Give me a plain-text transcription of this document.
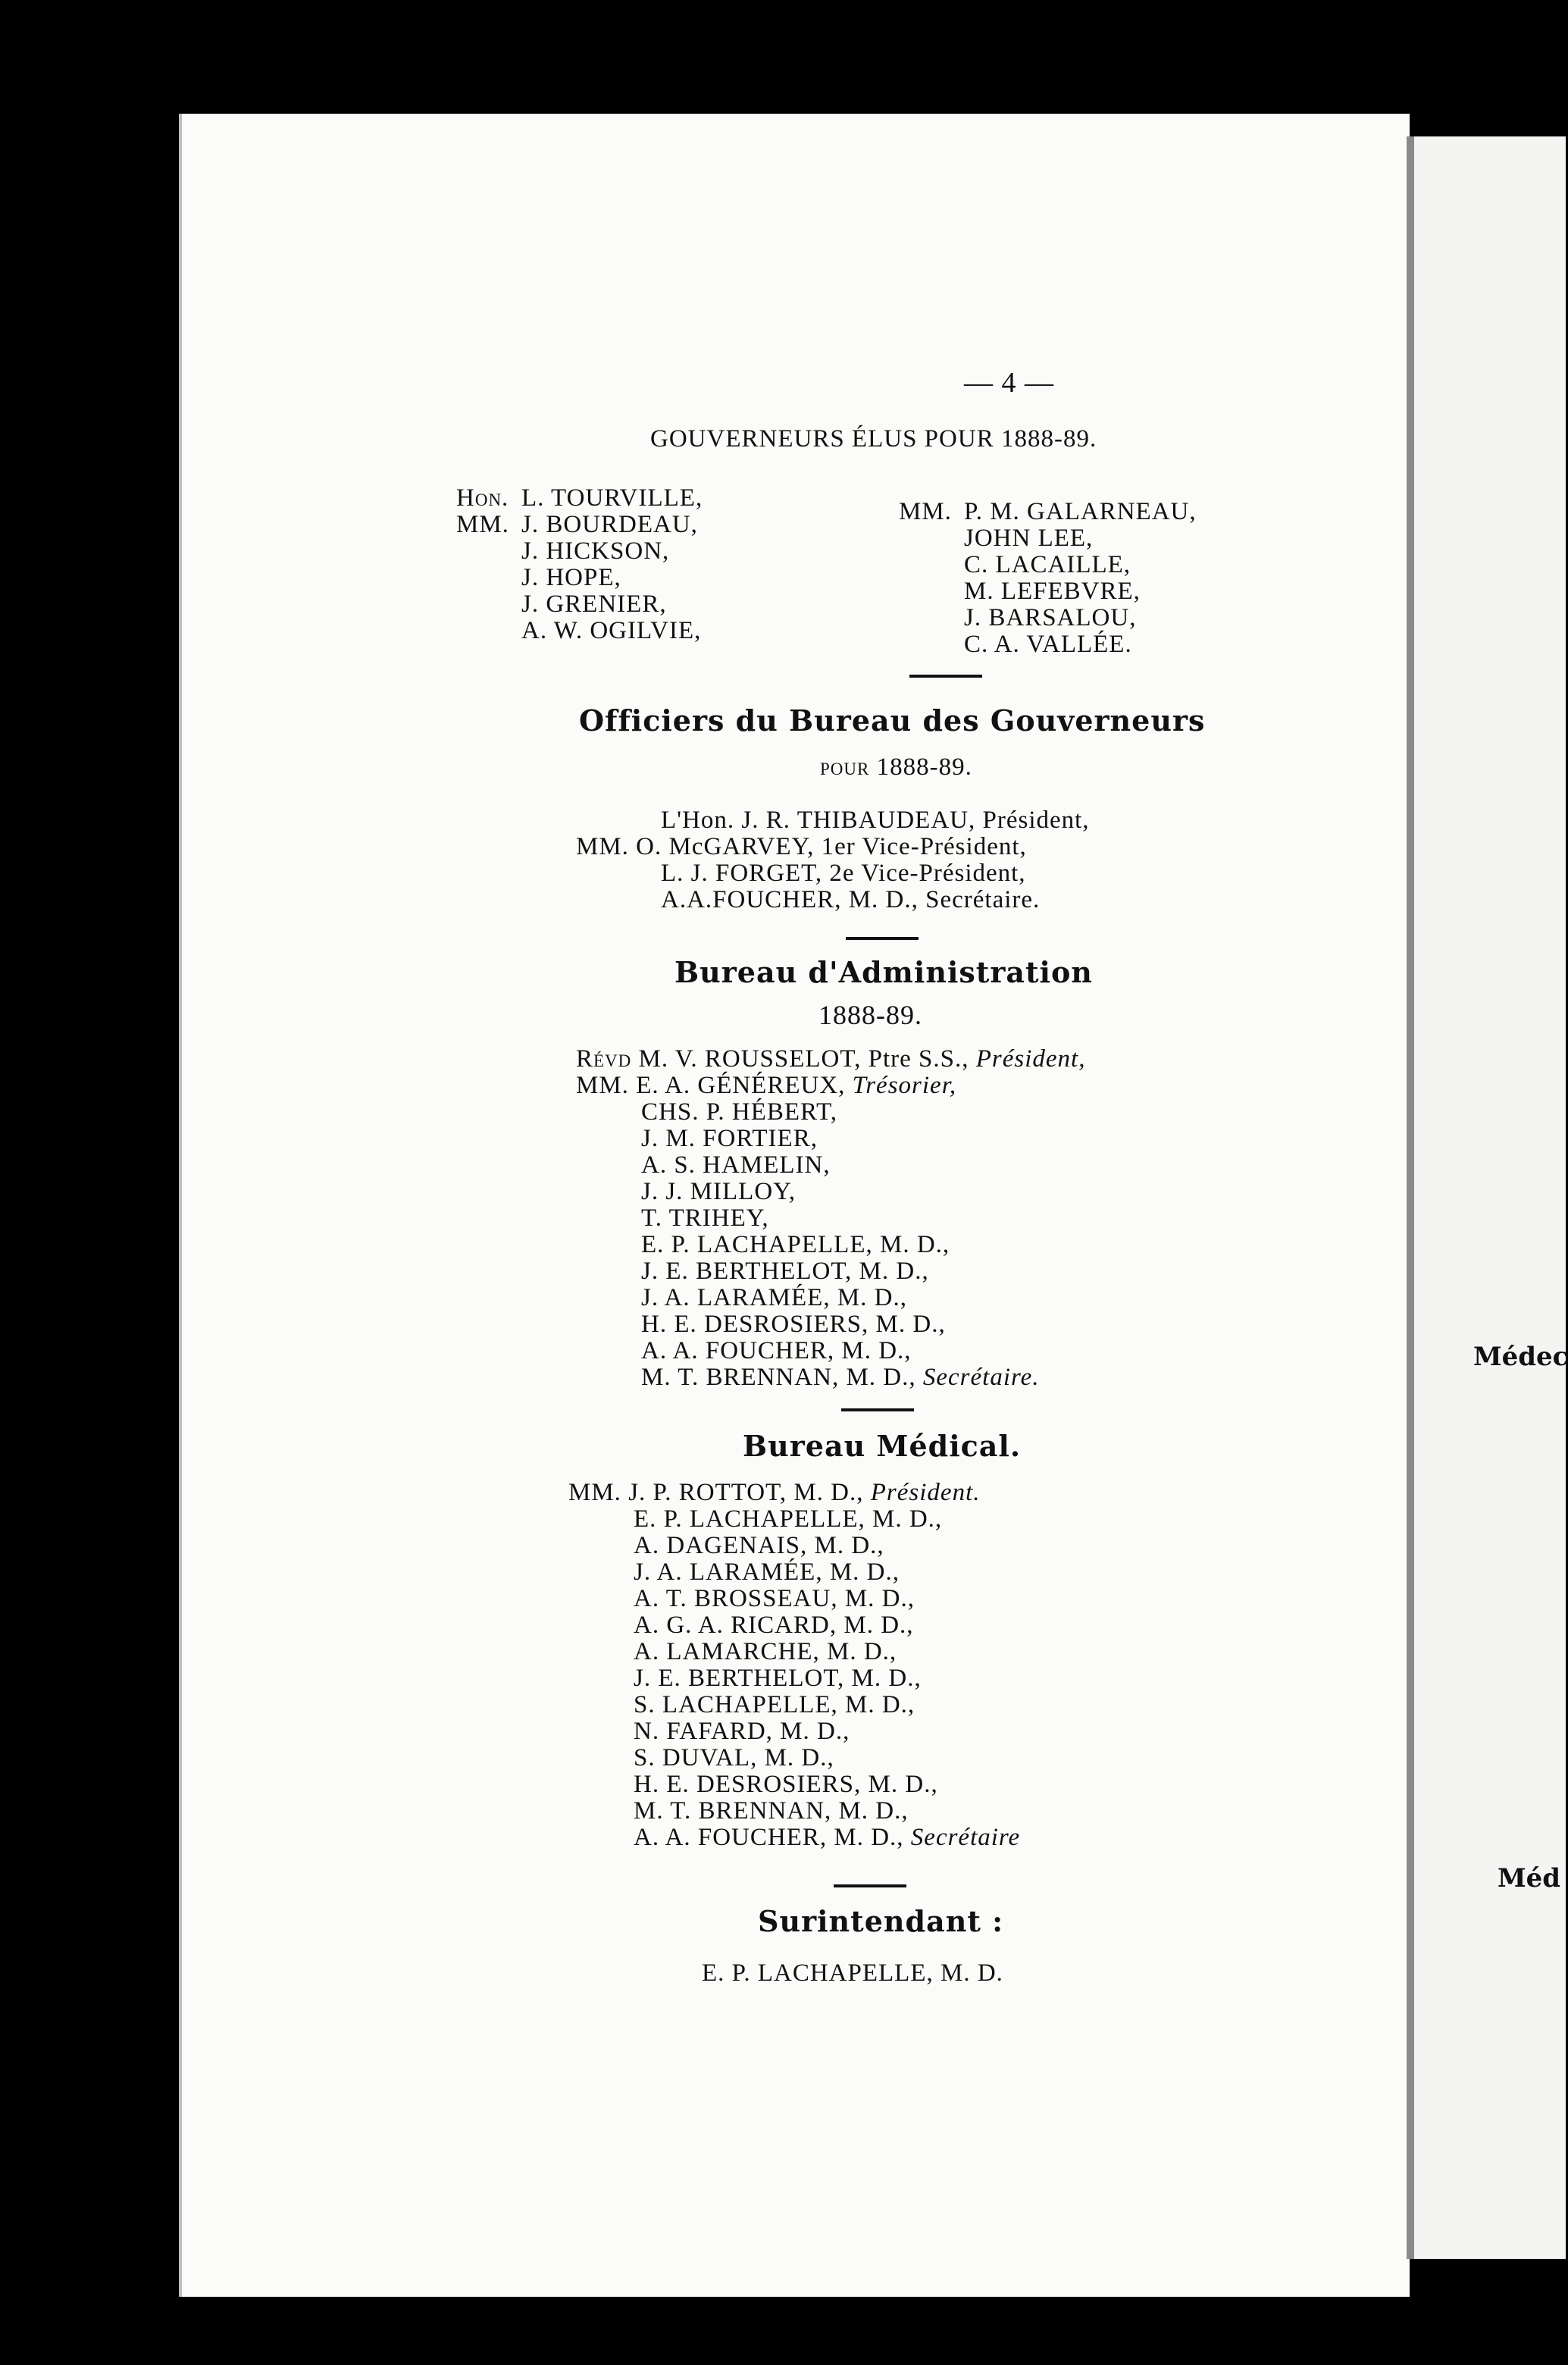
— 4 —
GOUVERNEURS ÉLUS POUR 1888-89.
Hon.
MM.
L. TOURVILLE,
J. BOURDEAU,
J. HICKSON,
J. HOPE,
J. GRENIER,
A. W. OGILVIE,
MM. P. M. GALARNEAU,
JOHN LEE,
C. LACAILLE,
M. LEFEBVRE,
J. BARSALOU,
C. A. VALLÉE.
Officiers du Bureau des Gouverneurs
pour 1888-89.
L'Hon. J. R. THIBAUDEAU, Président,
MM. O. McGARVEY, 1er Vice-Président,
L. J. FORGET, 2e Vice-Président,
A.A.FOUCHER, M. D., Secrétaire.
Bureau d'Administration
1888-89.
Révd M. V. ROUSSELOT, Ptre S.S., Président,
MM. E. A. GÉNÉREUX, Trésorier,
CHS. P. HÉBERT,
J. M. FORTIER,
A. S. HAMELIN,
J. J. MILLOY,
T. TRIHEY,
E. P. LACHAPELLE, M. D.,
J. E. BERTHELOT, M. D.,
J. A. LARAMÉE, M. D.,
H. E. DESROSIERS, M. D.,
A. A. FOUCHER, M. D.,
M. T. BRENNAN, M. D., Secrétaire.
Bureau Médical.
MM. J. P. ROTTOT, M. D., Président.
E. P. LACHAPELLE, M. D.,
A. DAGENAIS, M. D.,
J. A. LARAMÉE, M. D.,
A. T. BROSSEAU, M. D.,
A. G. A. RICARD, M. D.,
A. LAMARCHE, M. D.,
J. E. BERTHELOT, M. D.,
S. LACHAPELLE, M. D.,
N. FAFARD, M. D.,
S. DUVAL, M. D.,
H. E. DESROSIERS, M. D.,
M. T. BRENNAN, M. D.,
A. A. FOUCHER, M. D., Secrétaire
Surintendant :
E. P. LACHAPELLE, M. D.
Médec
Méd
